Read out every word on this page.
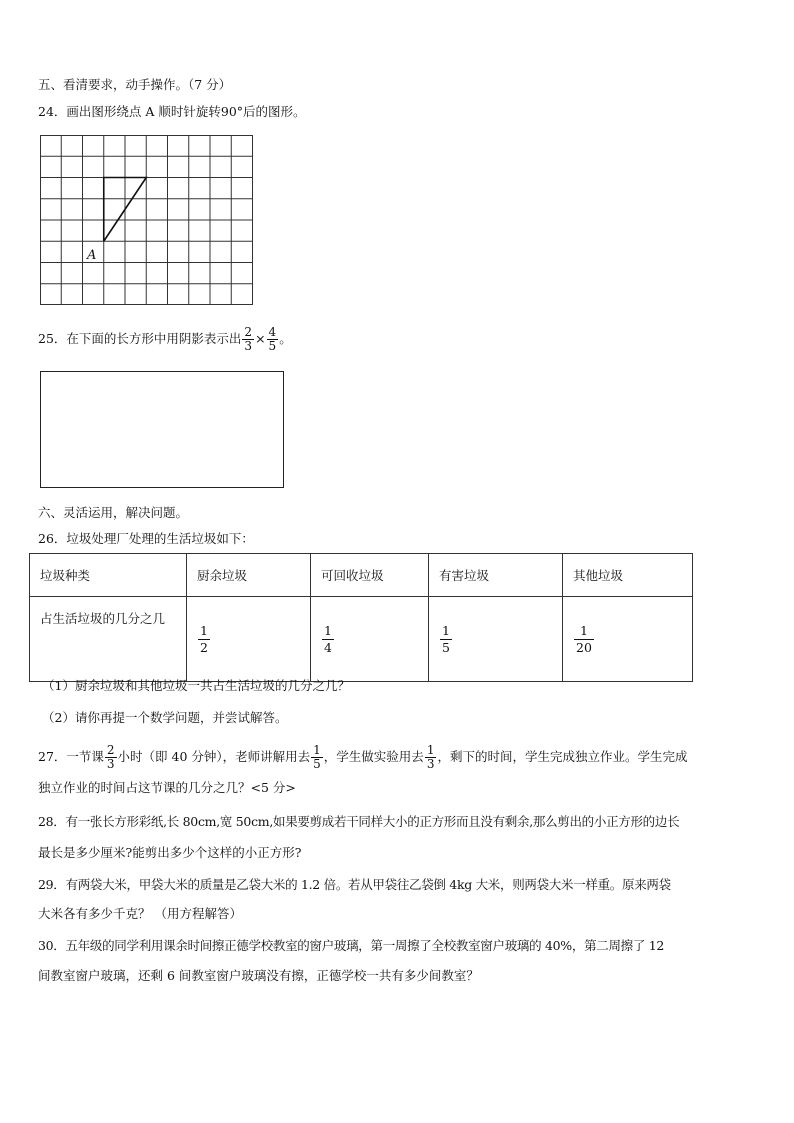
五、看清要求，动手操作。（7 分）
24．画出图形绕点 A 顺时针旋转90°后的图形。
A
25．在下面的长方形中用阴影表示出 $\frac{2}{3} \times \frac{4}{5}$ 。
六、灵活运用，解决问题。
26．垃圾处理厂处理的生活垃圾如下：
垃圾种类	厨余垃圾	可回收垃圾	有害垃圾	其他垃圾
占生活垃圾的几分之几	$\frac{1}{2}$	$\frac{1}{4}$	$\frac{1}{5}$	$\frac{1}{20}$
（1）厨余垃圾和其他垃圾一共占生活垃圾的几分之几？
（2）请你再提一个数学问题，并尝试解答。
27．一节课 $\frac{2}{3}$ 小时（即 40 分钟），老师讲解用去 $\frac{1}{5}$ ，学生做实验用去 $\frac{1}{3}$ ，剩下的时间，学生完成独立作业。学生完成
独立作业的时间占这节课的几分之几？<5 分>
28．有一张长方形彩纸,长 80cm,宽 50cm,如果要剪成若干同样大小的正方形而且没有剩余,那么剪出的小正方形的边长
最长是多少厘米?能剪出多少个这样的小正方形?
29．有两袋大米，甲袋大米的质量是乙袋大米的 1.2 倍。若从甲袋往乙袋倒 4kg 大米，则两袋大米一样重。原来两袋
大米各有多少千克？ （用方程解答）
30．五年级的同学利用课余时间擦正德学校教室的窗户玻璃，第一周擦了全校教室窗户玻璃的 40%，第二周擦了 12
间教室窗户玻璃，还剩 6 间教室窗户玻璃没有擦，正德学校一共有多少间教室？
